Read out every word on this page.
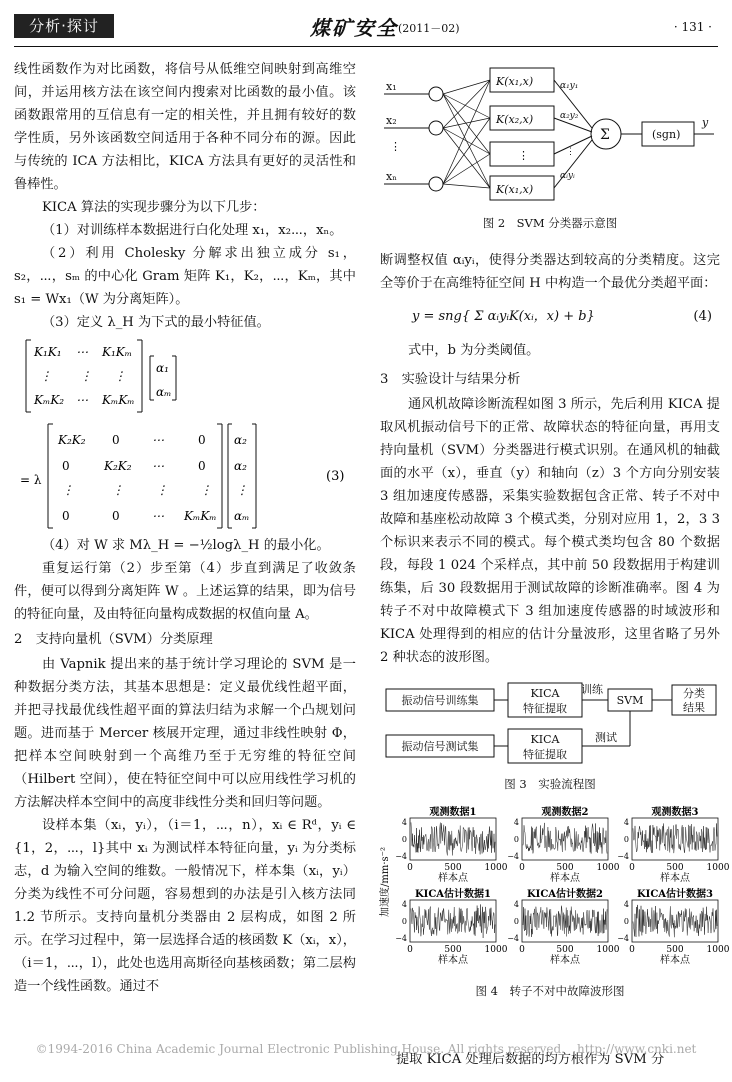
分析·探讨	煤矿安全 (2011－02)	· 131 ·

线性函数作为对比函数，将信号从低维空间映射到高维空间，并运用核方法在该空间内搜索对比函数的最小值。该函数跟常用的互信息有一定的相关性，并且拥有较好的数学性质，另外该函数空间适用于各种不同分布的源。因此与传统的 ICA 方法相比，KICA 方法具有更好的灵活性和鲁棒性。

KICA 算法的实现步骤分为以下几步：

（1）对训练样本数据进行白化处理 x₁，x₂⋯，xₙ。

（2）利用 Cholesky 分解求出独立成分 s₁，s₂，⋯，sₘ 的中心化 Gram 矩阵 K₁，K₂，⋯，Kₘ，其中 s₁ = Wx₁（W 为分离矩阵）。

（3）定义 λ_H 为下式的最小特征值。

K₁K₁ ⋯ K₁Kₘ
⋮ ⋮ ⋮
KₘK₂ ⋯ KₘKₘ
α₁
αₘ
= λ
K₂K₂ 0	⋯	0
0	K₂K₂ ⋯	0
⋮	⋮	⋮	⋮
0	0	⋯ KₘKₘ
α₂
α₂
⋮
αₘ
(3)

（4）对 W 求 Mλ_H = −½logλ_H 的最小化。

重复运行第（2）步至第（4）步直到满足了收敛条件，便可以得到分离矩阵 W 。上述运算的结果，即为信号的特征向量，及由特征向量构成数据的权值向量 A。

2　支持向量机（SVM）分类原理

由 Vapnik 提出来的基于统计学习理论的 SVM 是一种数据分类方法，其基本思想是：定义最优线性超平面，并把寻找最优线性超平面的算法归结为求解一个凸规划问题。进而基于 Mercer 核展开定理，通过非线性映射 Φ，把样本空间映射到一个高维乃至于无穷维的特征空间（Hilbert 空间），使在特征空间中可以应用线性学习机的方法解决样本空间中的高度非线性分类和回归等问题。

设样本集（xᵢ，yᵢ），（i＝1，⋯，n），xᵢ ∈ Rᵈ，yᵢ ∈ {1，2，⋯，l}其中 xᵢ 为测试样本特征向量，yᵢ 为分类标志，d 为输入空间的维数。一般情况下，样本集（xᵢ，yᵢ）分类为线性不可分问题，容易想到的办法是引入核方法同 1.2 节所示。支持向量机分类器由 2 层构成，如图 2 所示。在学习过程中，第一层选择合适的核函数 K（xᵢ，x），（i＝1，⋯，l），此处也选用高斯径向基核函数；第二层构造一个线性函数。通过不

x₁
x₂
⋮
xₙ
K(x₁,x)
K(x₂,x)
⋮
K(x₁,x)
α₁y₁
α₂y₂
⋮
αᵢyᵢ
Σ	(sgn)
y
图 2　SVM 分类器示意图

断调整权值 αᵢyᵢ，使得分类器达到较高的分类精度。这完全等价于在高维特征空间 H 中构造一个最优分类超平面：

y = sng{ Σ αᵢyᵢK(xᵢ，x) + b}	(4)

式中，b 为分类阈值。

3　实验设计与结果分析

通风机故障诊断流程如图 3 所示，先后利用 KICA 提取风机振动信号下的正常、故障状态的特征向量，再用支持向量机（SVM）分类器进行模式识别。在通风机的轴截面的水平（x），垂直（y）和轴向（z）3 个方向分别安装 3 组加速度传感器，采集实验数据包含正常、转子不对中故障和基座松动故障 3 个模式类，分别对应用 1，2，3 3 个标识来表示不同的模式。每个模式类均包含 80 个数据段，每段 1 024 个采样点，其中前 50 段数据用于构建训练集，后 30 段数据用于测试故障的诊断准确率。图 4 为转子不对中故障模式下 3 组加速度传感器的时域波形和 KICA 处理得到的相应的估计分量波形，这里省略了另外 2 种状态的波形图。

振动信号训练集
振动信号测试集
KICA
特征提取
KICA
特征提取
训练
测试
SVM
分类
结果
图 3　实验流程图
加速度/mm·s⁻²
观测数据1
4
0
−4
0	500	1000
样本点
观测数据2
4
0
−4
0	500	1000
样本点
观测数据3
4
0
−4
0	500	1000
样本点
KICA估计数据1
4
0
−4
0	500	1000
样本点
KICA估计数据2
4
0
−4
0	500	1000
样本点
KICA估计数据3
4
0
−4
0	500	1000
样本点
图 4　转子不对中故障波形图
提取 KICA 处理后数据的均方根作为 SVM 分
©1994-2016 China Academic Journal Electronic Publishing House. All rights reserved.　http://www.cnki.net
